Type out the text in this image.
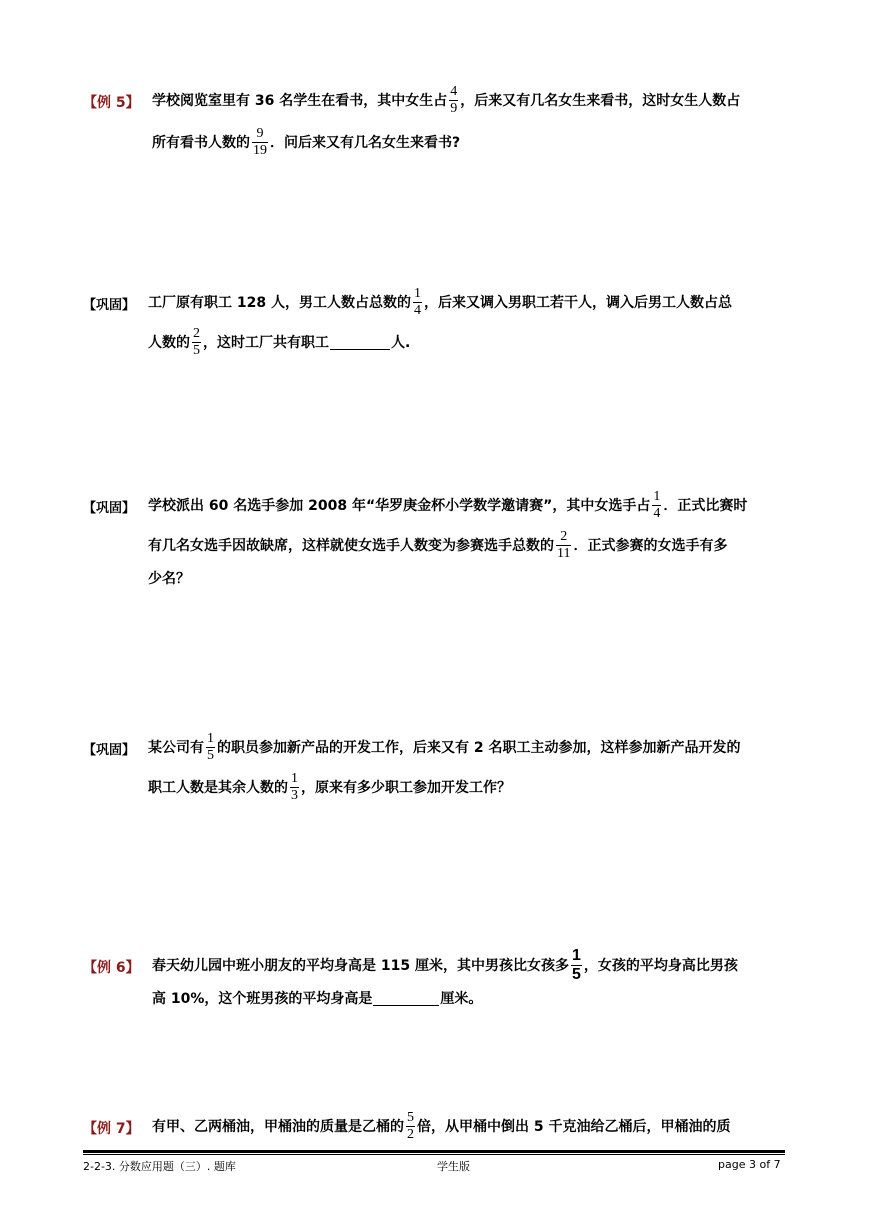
【例 5】 学校阅览室里有 36 名学生在看书，其中女生占 $\frac{4}{9}$ ，后来又有几名女生来看书，这时女生人数占
所有看书人数的 $\frac{9}{19}$ ．问后来又有几名女生来看书?
【巩固】 工厂原有职工 128 人，男工人数占总数的 $\frac{1}{4}$ ，后来又调入男职工若干人，调入后男工人数占总
人数的 $\frac{2}{5}$ ，这时工厂共有职工	人.
【巩固】 学校派出 60 名选手参加 2008 年“华罗庚金杯小学数学邀请赛”，其中女选手占 $\frac{1}{4}$ ．正式比赛时
有几名女选手因故缺席，这样就使女选手人数变为参赛选手总数的 $\frac{2}{11}$ ．正式参赛的女选手有多
少名？
【巩固】 某公司有 $\frac{1}{5}$ 的职员参加新产品的开发工作，后来又有 2 名职工主动参加，这样参加新产品开发的
职工人数是其余人数的 $\frac{1}{3}$ ，原来有多少职工参加开发工作？
【例 6】 春天幼儿园中班小朋友的平均身高是 115 厘米，其中男孩比女孩多 $\frac{1}{5}$ ，女孩的平均身高比男孩
高 10%，这个班男孩的平均身高是	厘米。
【例 7】 有甲、乙两桶油，甲桶油的质量是乙桶的 $\frac{5}{2}$ 倍，从甲桶中倒出 5 千克油给乙桶后，甲桶油的质
2-2-3. 分数应用题（三）. 题库	学生版	page 3 of 7
